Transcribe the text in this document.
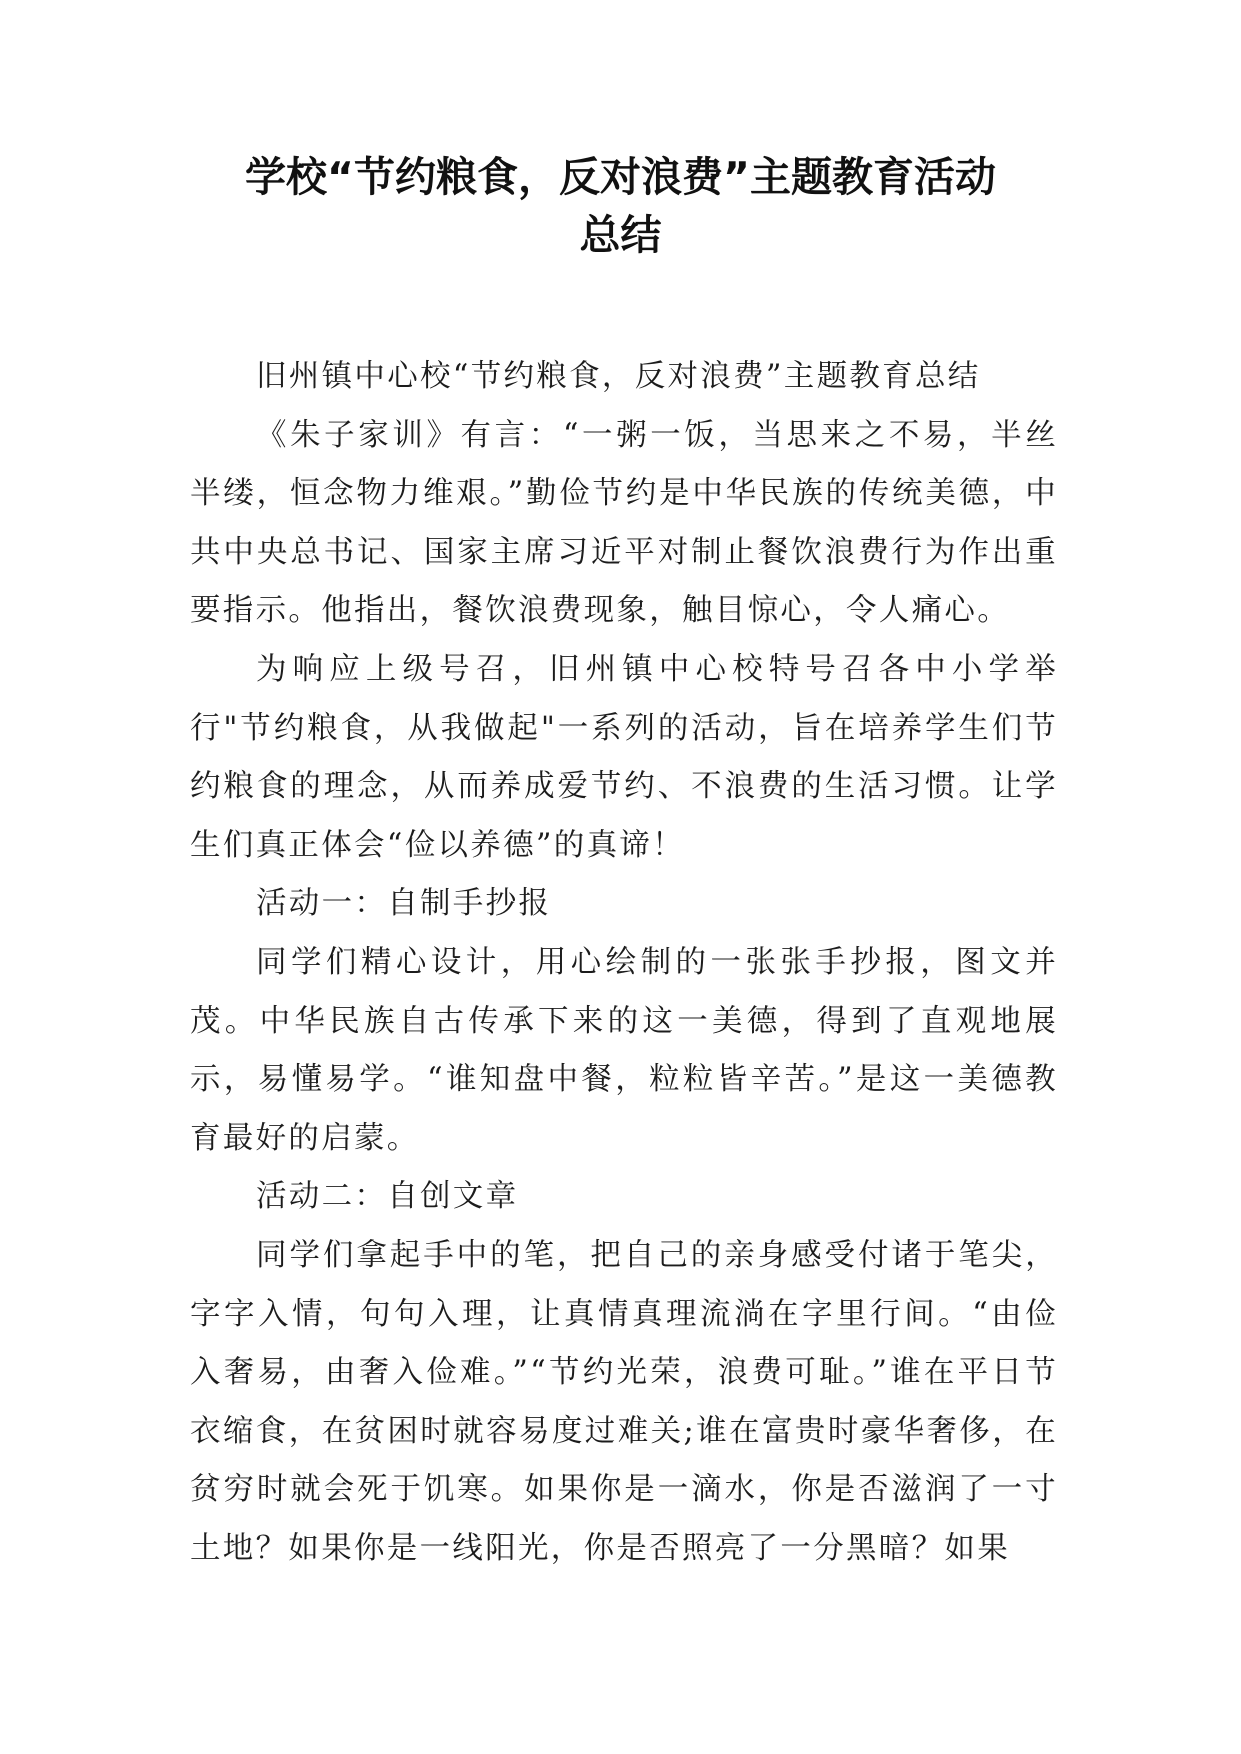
学校“节约粮食，反对浪费”主题教育活动
总结

旧州镇中心校“节约粮食，反对浪费”主题教育总结

《朱子家训》有言：“一粥一饭，当思来之不易，半丝半缕，恒念物力维艰。”勤俭节约是中华民族的传统美德，中共中央总书记、国家主席习近平对制止餐饮浪费行为作出重要指示。他指出，餐饮浪费现象，触目惊心，令人痛心。

为响应上级号召，旧州镇中心校特号召各中小学举行"节约粮食，从我做起"一系列的活动，旨在培养学生们节约粮食的理念，从而养成爱节约、不浪费的生活习惯。让学生们真正体会“俭以养德”的真谛！

活动一：自制手抄报

同学们精心设计，用心绘制的一张张手抄报，图文并茂。中华民族自古传承下来的这一美德，得到了直观地展示，易懂易学。“谁知盘中餐，粒粒皆辛苦。”是这一美德教育最好的启蒙。

活动二：自创文章

同学们拿起手中的笔，把自己的亲身感受付诸于笔尖，字字入情，句句入理，让真情真理流淌在字里行间。“由俭入奢易，由奢入俭难。”“节约光荣，浪费可耻。”谁在平日节衣缩食，在贫困时就容易度过难关;谁在富贵时豪华奢侈，在贫穷时就会死于饥寒。如果你是一滴水，你是否滋润了一寸土地？如果你是一线阳光，你是否照亮了一分黑暗？如果
